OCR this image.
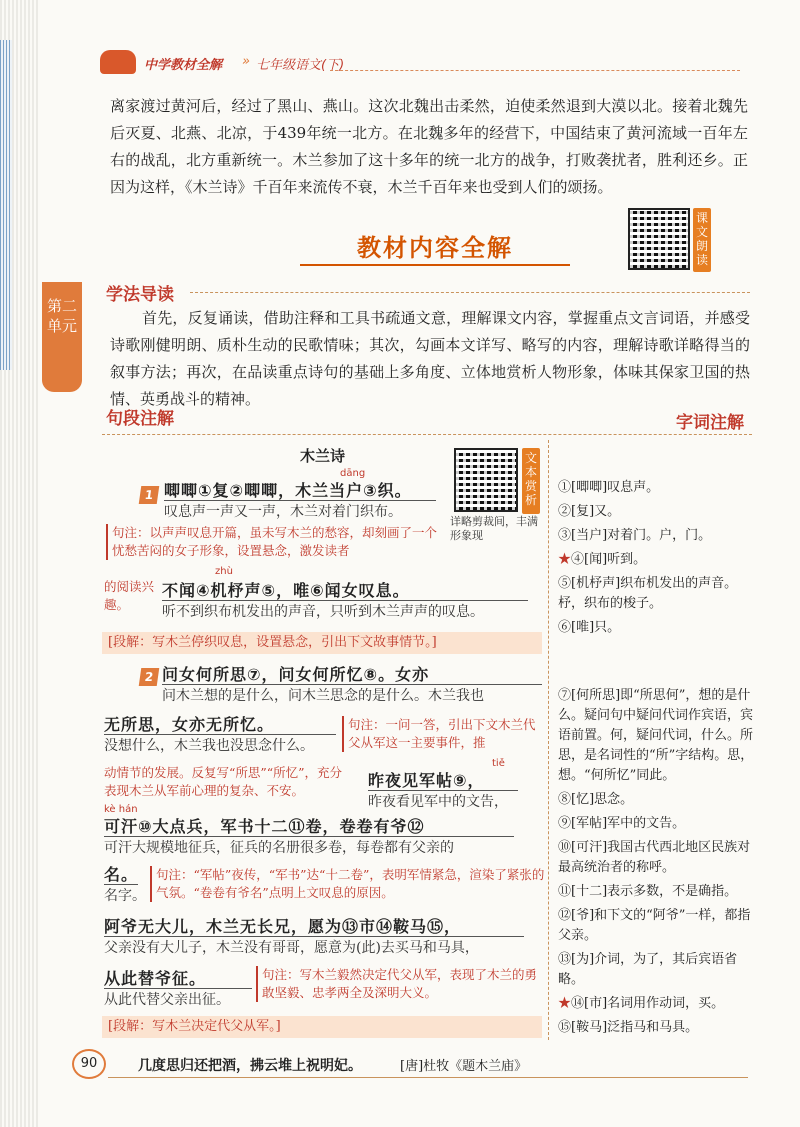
中学教材全解 » 七年级语文(下)
离家渡过黄河后，经过了黑山、燕山。这次北魏出击柔然，迫使柔然退到大漠以北。接着北魏先后灭夏、北燕、北凉，于439年统一北方。在北魏多年的经营下，中国结束了黄河流域一百年左右的战乱，北方重新统一。木兰参加了这十多年的统一北方的战争，打败袭扰者，胜利还乡。正因为这样，《木兰诗》千百年来流传不衰，木兰千百年来也受到人们的颂扬。
教材内容全解
课文朗读
第二单元
学法导读
首先，反复诵读，借助注释和工具书疏通文意，理解课文内容，掌握重点文言词语，并感受诗歌刚健明朗、质朴生动的民歌情味；其次，勾画本文详写、略写的内容，理解诗歌详略得当的叙事方法；再次，在品读重点诗句的基础上多角度、立体地赏析人物形象，体味其保家卫国的热情、英勇战斗的精神。
句段注解	字词注解
木兰诗	文本赏析
详略剪裁间，丰满形象现
1
dāng
唧唧①复②唧唧，木兰当户③织。
叹息声一声又一声，木兰对着门织布。
句注：以声声叹息开篇，虽未写木兰的愁容，却刻画了一个忧愁苦闷的女子形象，设置悬念，激发读者
的阅读兴趣。
zhù
不闻④机杼声⑤，唯⑥闻女叹息。
听不到织布机发出的声音，只听到木兰声声的叹息。
[段解：写木兰停织叹息，设置悬念，引出下文故事情节。]
2 问女何所思⑦，问女何所忆⑧。女亦
问木兰想的是什么，问木兰思念的是什么。木兰我也
无所思，女亦无所忆。
没想什么，木兰我也没思念什么。
句注：一问一答，引出下文木兰代父从军这一主要事件，推
动情节的发展。反复写“所思”“所忆”，充分表现木兰从军前心理的复杂、不安。
tiě
昨夜见军帖⑨，
昨夜看见军中的文告，
kè hán
可汗⑩大点兵，军书十二⑪卷，卷卷有爷⑫
可汗大规模地征兵，征兵的名册很多卷，每卷都有父亲的
名。
名字。
句注：“军帖”夜传，“军书”达“十二卷”，表明军情紧急，渲染了紧张的气氛。“卷卷有爷名”点明上文叹息的原因。
阿爷无大儿，木兰无长兄，愿为⑬市⑭鞍马⑮，
父亲没有大儿子，木兰没有哥哥，愿意为(此)去买马和马具，
从此替爷征。
从此代替父亲出征。
句注：写木兰毅然决定代父从军，表现了木兰的勇敢坚毅、忠孝两全及深明大义。
[段解：写木兰决定代父从军。]
①[唧唧]叹息声。
②[复]又。
③[当户]对着门。户，门。
★④[闻]听到。
⑤[机杼声]织布机发出的声音。杼，织布的梭子。
⑥[唯]只。
⑦[何所思]即“所思何”，想的是什么。疑问句中疑问代词作宾语，宾语前置。何，疑问代词，什么。所思，是名词性的“所”字结构。思，想。“何所忆”同此。
⑧[忆]思念。
⑨[军帖]军中的文告。
⑩[可汗]我国古代西北地区民族对最高统治者的称呼。
⑪[十二]表示多数，不是确指。
⑫[爷]和下文的“阿爷”一样，都指父亲。
⑬[为]介词，为了，其后宾语省略。
★⑭[市]名词用作动词，买。
⑮[鞍马]泛指马和马具。
90	几度思归还把酒，拂云堆上祝明妃。	[唐]杜牧《题木兰庙》
